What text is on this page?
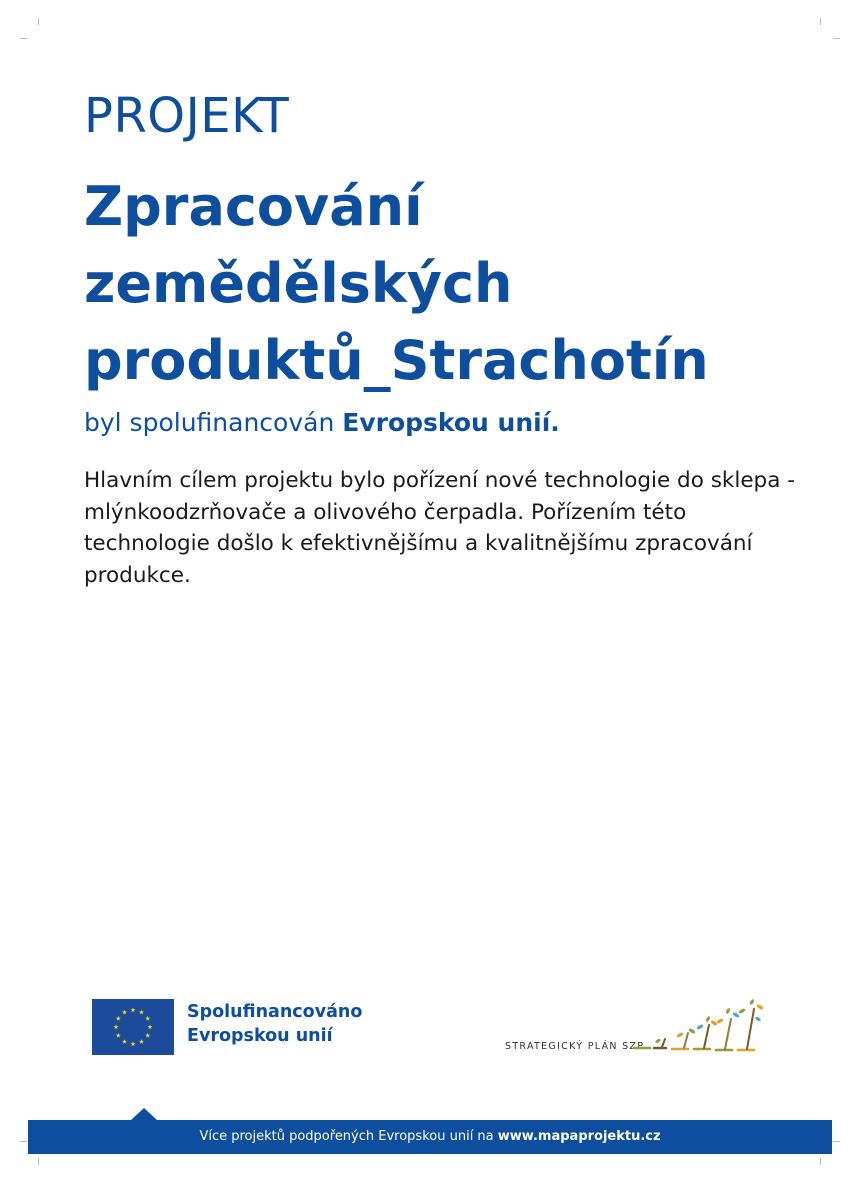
PROJEKT
Zpracování
zemědělských
produktů_Strachotín

byl spolufinancován Evropskou unií.

Hlavním cílem projektu bylo pořízení nové technologie do sklepa -
mlýnkoodzrňovače a olivového čerpadla. Pořízením této
technologie došlo k efektivnějšímu a kvalitnějšímu zpracování
produkce.

Spolufinancováno
Evropskou unií
STRATEGICKÝ PLÁN SZP
Více projektů podpořených Evropskou unií na www.mapaprojektu.cz
